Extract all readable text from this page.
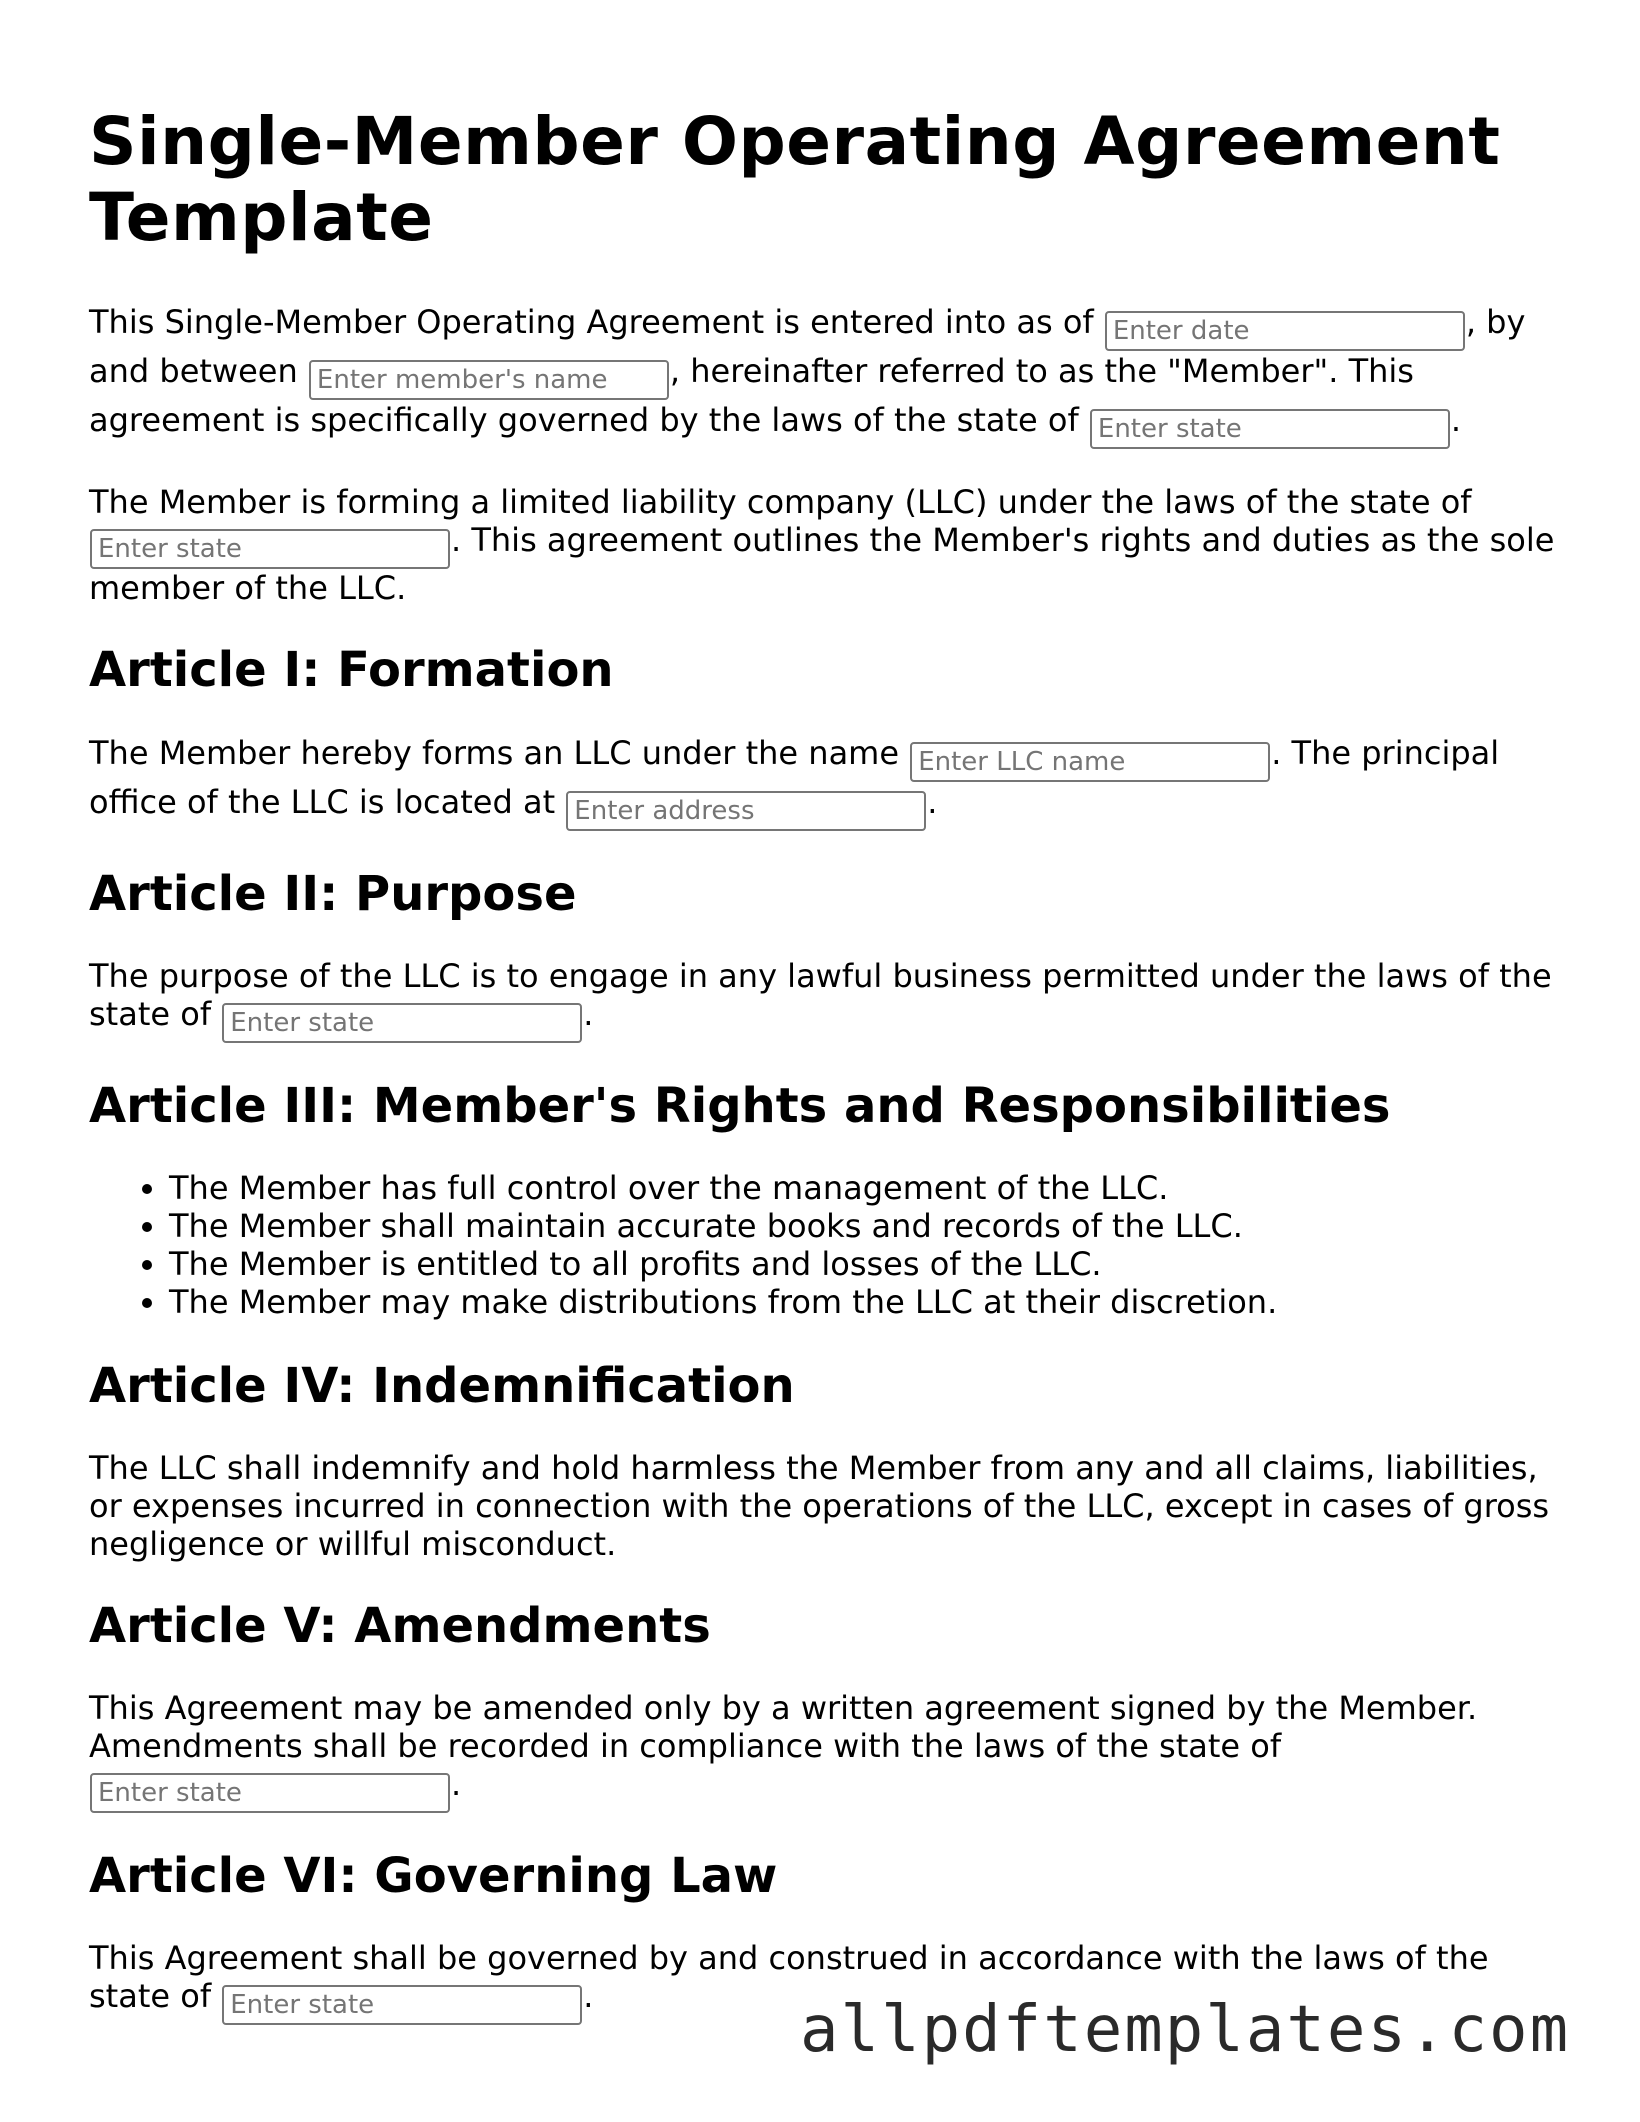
Single-Member Operating Agreement Template

This Single-Member Operating Agreement is entered into as of Enter date	, by and between Enter member's name	, hereinafter referred to as the "Member". This agreement is specifically governed by the laws of the state of Enter state	.

The Member is forming a limited liability company (LLC) under the laws of the state of Enter state. This agreement outlines the Member's rights and duties as the sole member of the LLC.

Article I: Formation

The Member hereby forms an LLC under the name Enter LLC name	. The principal office of the LLC is located at Enter address	.

Article II: Purpose

The purpose of the LLC is to engage in any lawful business permitted under the laws of the state of Enter state	.

Article III: Member's Rights and Responsibilities
• The Member has full control over the management of the LLC.
• The Member shall maintain accurate books and records of the LLC.
• The Member is entitled to all profits and losses of the LLC.
• The Member may make distributions from the LLC at their discretion.
Article IV: Indemnification

The LLC shall indemnify and hold harmless the Member from any and all claims, liabilities, or expenses incurred in connection with the operations of the LLC, except in cases of gross negligence or willful misconduct.

Article V: Amendments

This Agreement may be amended only by a written agreement signed by the Member. Amendments shall be recorded in compliance with the laws of the state of Enter state.

Article VI: Governing Law

This Agreement shall be governed by and construed in accordance with the laws of the state of Enter state	.	allpdftemplates.com
